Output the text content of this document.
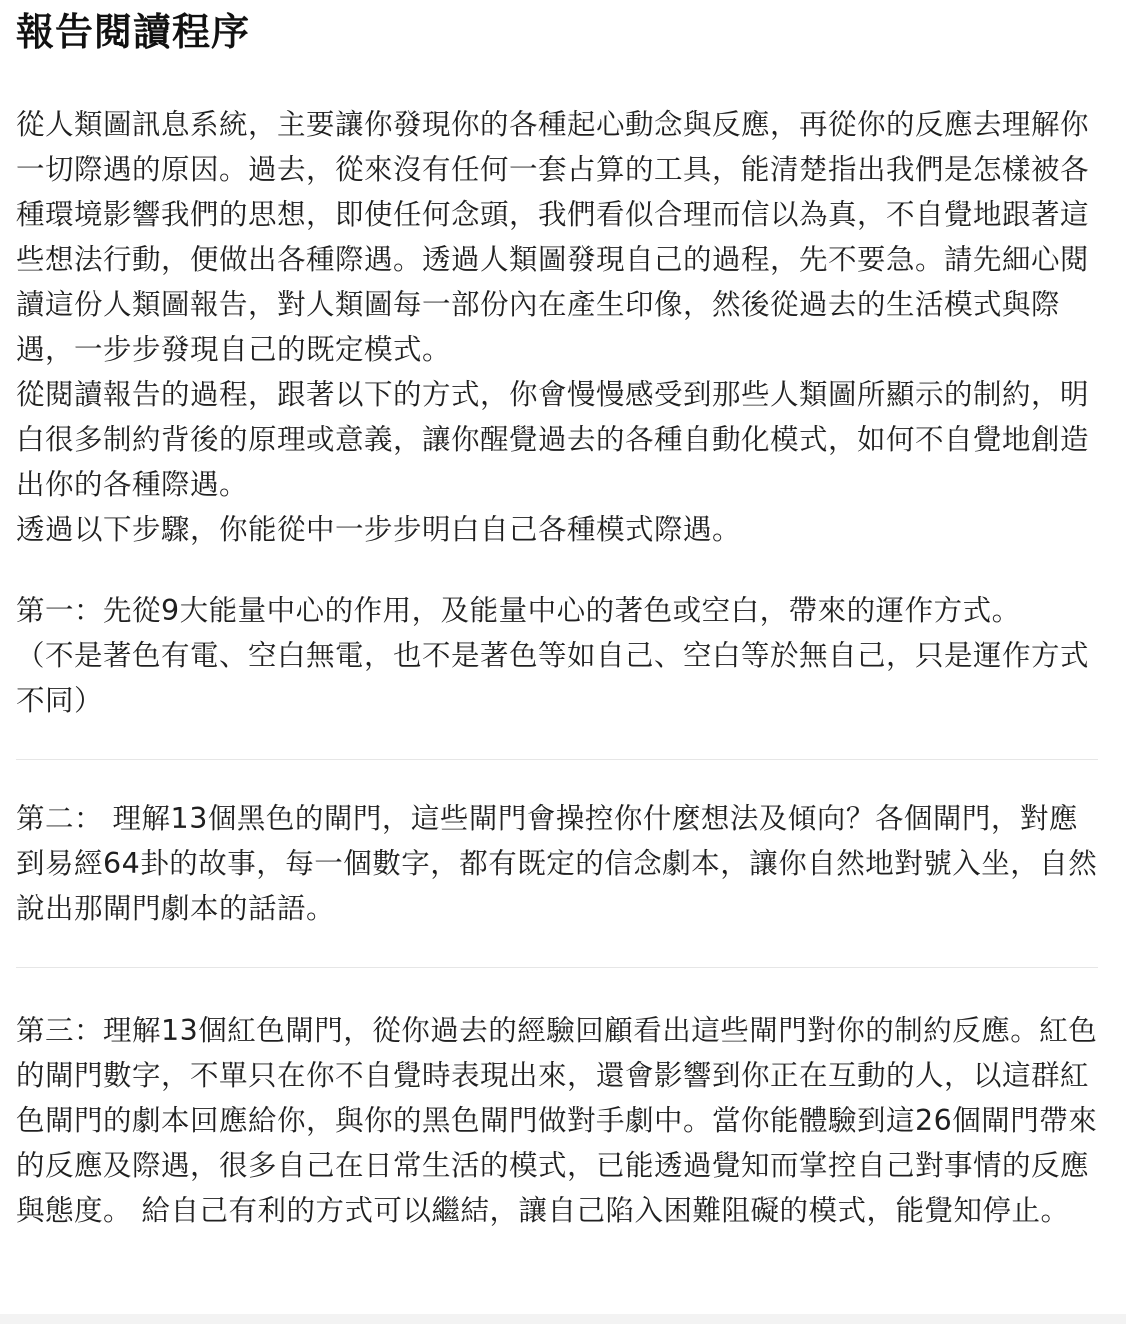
報告閱讀程序

從人類圖訊息系統，主要讓你發現你的各種起心動念與反應，再從你的反應去理解你一切際遇的原因。過去，從來沒有任何一套占算的工具，能清楚指出我們是怎樣被各種環境影響我們的思想，即使任何念頭，我們看似合理而信以為真，不自覺地跟著這些想法行動，便做出各種際遇。透過人類圖發現自己的過程，先不要急。請先細心閱讀這份人類圖報告，對人類圖每一部份內在產生印像，然後從過去的生活模式與際遇，一步步發現自己的既定模式。

從閱讀報告的過程，跟著以下的方式，你會慢慢感受到那些人類圖所顯示的制約，明白很多制約背後的原理或意義，讓你醒覺過去的各種自動化模式，如何不自覺地創造出你的各種際遇。

透過以下步驟，你能從中一步步明白自己各種模式際遇。

第一：先從9大能量中心的作用，及能量中心的著色或空白，帶來的運作方式。

（不是著色有電、空白無電，也不是著色等如自己、空白等於無自己，只是運作方式不同）

第二： 理解13個黑色的閘門，這些閘門會操控你什麼想法及傾向？各個閘門，對應到易經64卦的故事，每一個數字，都有既定的信念劇本，讓你自然地對號入坐，自然說出那閘門劇本的話語。

第三：理解13個紅色閘門，從你過去的經驗回顧看出這些閘門對你的制約反應。紅色的閘門數字，不單只在你不自覺時表現出來，還會影響到你正在互動的人，以這群紅色閘門的劇本回應給你，與你的黑色閘門做對手劇中。當你能體驗到這26個閘門帶來的反應及際遇，很多自己在日常生活的模式，已能透過覺知而掌控自己對事情的反應與態度。 給自己有利的方式可以繼結，讓自己陷入困難阻礙的模式，能覺知停止。
